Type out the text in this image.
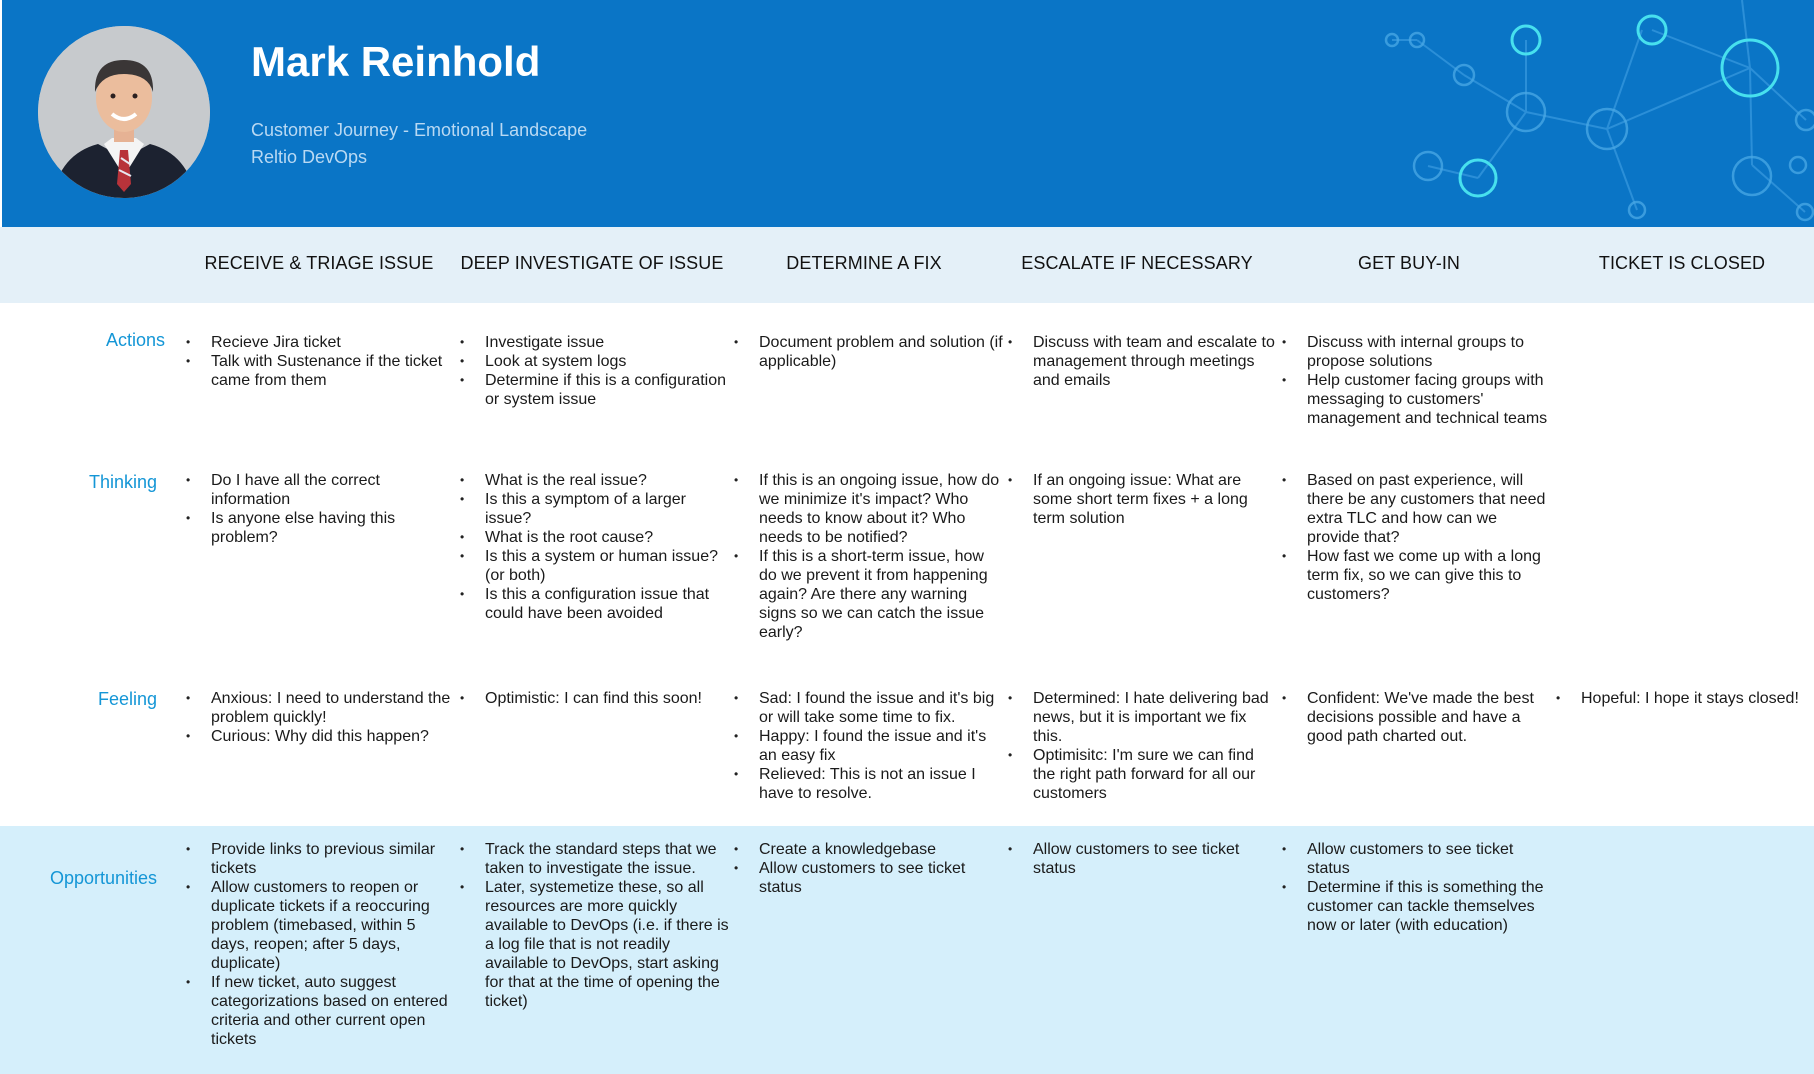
Mark Reinhold
Customer Journey - Emotional Landscape
Reltio DevOps
RECEIVE & TRIAGE ISSUE	DEEP INVESTIGATE OF ISSUE	DETERMINE A FIX	ESCALATE IF NECESSARY	GET BUY-IN	TICKET IS CLOSED
Actions
Thinking
Feeling
Opportunities
• Recieve Jira ticket
• Talk with Sustenance if the ticket came from them
• Investigate issue
• Look at system logs
• Determine if this is a configuration or system issue
• Document problem and solution (if applicable)
• Discuss with team and escalate to management through meetings and emails
• Discuss with internal groups to propose solutions
• Help customer facing groups with messaging to customers' management and technical teams
• Do I have all the correct information
• Is anyone else having this problem?
• What is the real issue?
• Is this a symptom of a larger issue?
• What is the root cause?
• Is this a system or human issue? (or both)
• Is this a configuration issue that could have been avoided
• If this is an ongoing issue, how do we minimize it's impact? Who needs to know about it? Who needs to be notified?
• If this is a short-term issue, how do we prevent it from happening again? Are there any warning signs so we can catch the issue early?
• If an ongoing issue: What are some short term fixes + a long term solution
• Based on past experience, will there be any customers that need extra TLC and how can we provide that?
• How fast we come up with a long term fix, so we can give this to customers?
• Anxious: I need to understand the problem quickly!
• Curious: Why did this happen?
• Optimistic: I can find this soon!
•	Sad: I found the issue and it's big or will take some time to fix.
• Happy: I found the issue and it's an easy fix
• Relieved: This is not an issue I have to resolve.
• Determined: I hate delivering bad news, but it is important we fix this.
• Optimisitc: I'm sure we can find the right path forward for all our customers
• Confident: We've made the best decisions possible and have a good path charted out.
• Hopeful: I hope it stays closed!
• Provide links to previous similar tickets
• Allow customers to reopen or duplicate tickets if a reoccuring problem (timebased, within 5 days, reopen; after 5 days, duplicate)
• If new ticket, auto suggest categorizations based on entered criteria and other current open tickets
• Track the standard steps that we taken to investigate the issue.
• Later, systemetize these, so all resources are more quickly available to DevOps (i.e. if there is a log file that is not readily available to DevOps, start asking for that at the time of opening the ticket)
• Create a knowledgebase
• Allow customers to see ticket status
• Allow customers to see ticket status
• Allow customers to see ticket status
• Determine if this is something the customer can tackle themselves now or later (with education)
